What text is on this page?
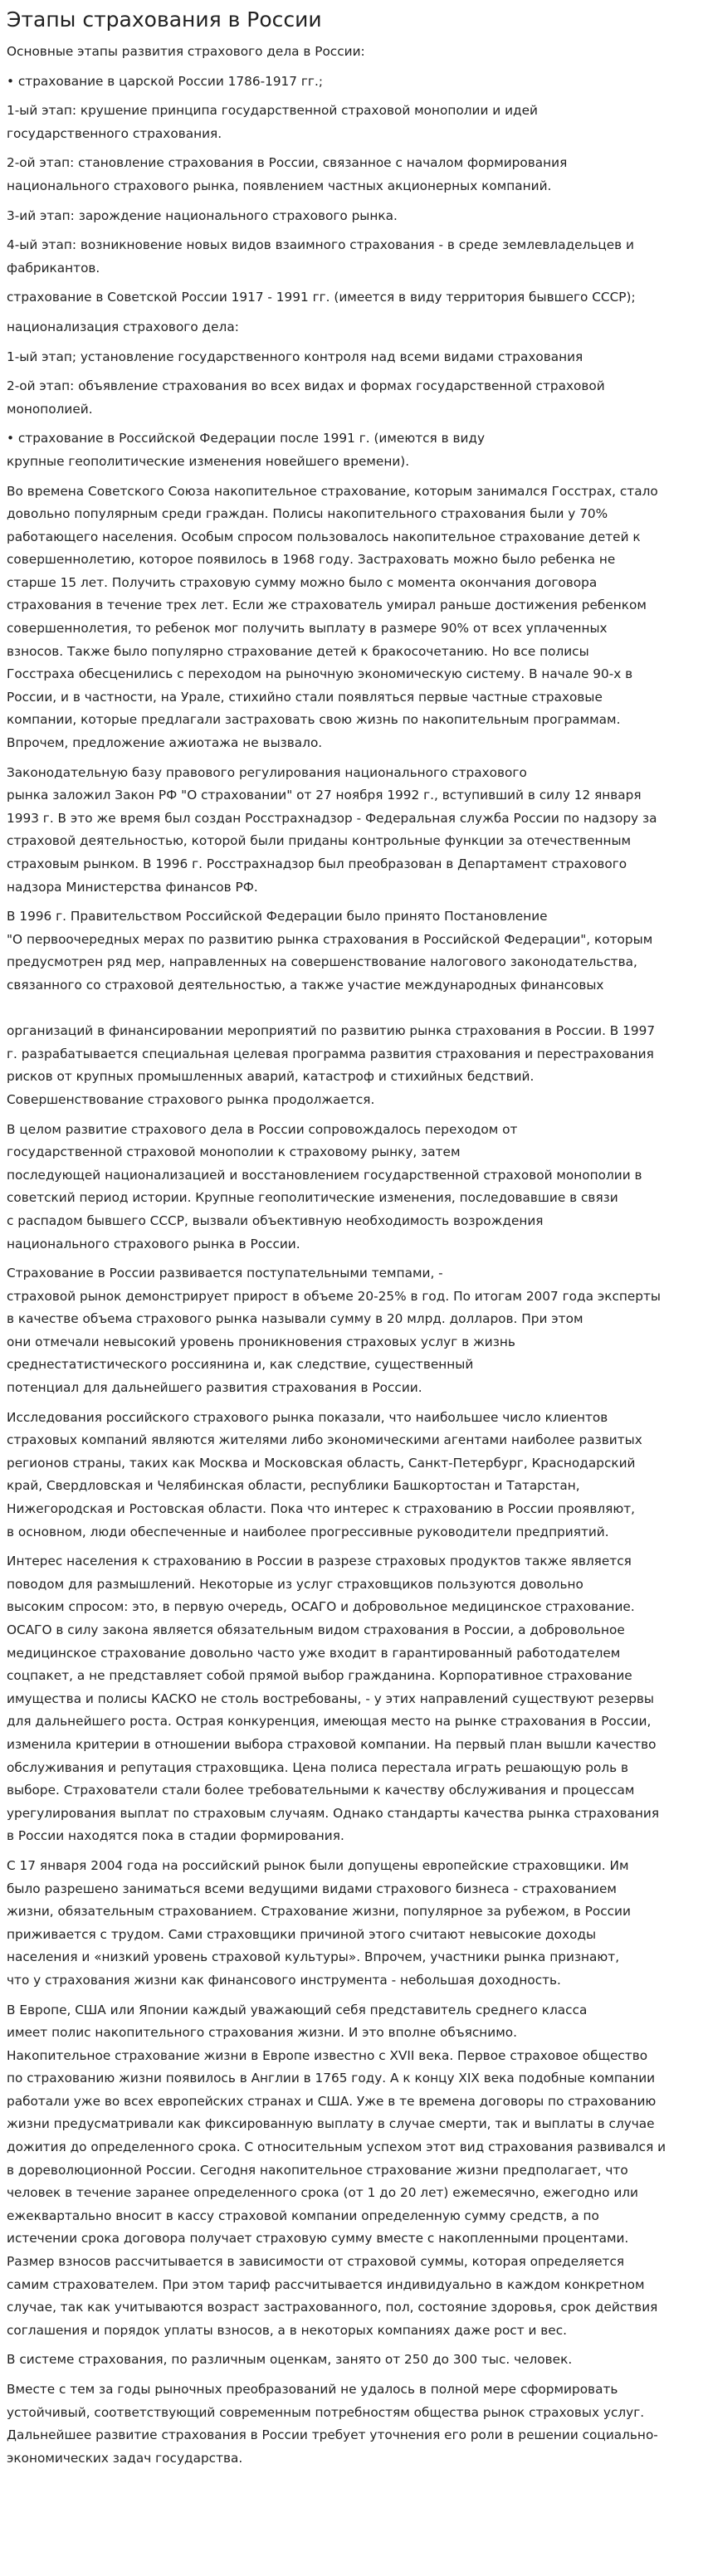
Этапы страхования в России

Основные этапы развития страхового дела в России:

• страхование в царской России 1786-1917 гг.;

1-ый этап: крушение принципа государственной страховой монополии и идей
государственного страхования.

2-ой этап: становление страхования в России, связанное с началом формирования
национального страхового рынка, появлением частных акционерных компаний.

3-ий этап: зарождение национального страхового рынка.

4-ый этап: возникновение новых видов взаимного страхования - в среде землевладельцев и
фабрикантов.

страхование в Советской России 1917 - 1991 гг. (имеется в виду территория бывшего СССР);

национализация страхового дела:

1-ый этап; установление государственного контроля над всеми видами страхования

2-ой этап: объявление страхования во всех видах и формах государственной страховой
монополией.

• страхование в Российской Федерации после 1991 г. (имеются в виду
крупные геополитические изменения новейшего времени).

Во времена Советского Союза накопительное страхование, которым занимался Госстрах, стало
довольно популярным среди граждан. Полисы накопительного страхования были у 70%
работающего населения. Особым спросом пользовалось накопительное страхование детей к
совершеннолетию, которое появилось в 1968 году. Застраховать можно было ребенка не
старше 15 лет. Получить страховую сумму можно было с момента окончания договора
страхования в течение трех лет. Если же страхователь умирал раньше достижения ребенком
совершеннолетия, то ребенок мог получить выплату в размере 90% от всех уплаченных
взносов. Также было популярно страхование детей к бракосочетанию. Но все полисы
Госстраха обесценились с переходом на рыночную экономическую систему. В начале 90-х в
России, и в частности, на Урале, стихийно стали появляться первые частные страховые
компании, которые предлагали застраховать свою жизнь по накопительным программам.
Впрочем, предложение ажиотажа не вызвало.

Законодательную базу правового регулирования национального страхового
рынка заложил Закон РФ "О страховании" от 27 ноября 1992 г., вступивший в силу 12 января
1993 г. В это же время был создан Росстрахнадзор - Федеральная служба России по надзору за
страховой деятельностью, которой были приданы контрольные функции за отечественным
страховым рынком. В 1996 г. Росстрахнадзор был преобразован в Департамент страхового
надзора Министерства финансов РФ.

В 1996 г. Правительством Российской Федерации было принято Постановление
"О первоочередных мерах по развитию рынка страхования в Российской Федерации", которым
предусмотрен ряд мер, направленных на совершенствование налогового законодательства,
связанного со страховой деятельностью, а также участие международных финансовых

организаций в финансировании мероприятий по развитию рынка страхования в России. В 1997
г. разрабатывается специальная целевая программа развития страхования и перестрахования
рисков от крупных промышленных аварий, катастроф и стихийных бедствий.
Совершенствование страхового рынка продолжается.

В целом развитие страхового дела в России сопровождалось переходом от
государственной страховой монополии к страховому рынку, затем
последующей национализацией и восстановлением государственной страховой монополии в
советский период истории. Крупные геополитические изменения, последовавшие в связи
с распадом бывшего СССР, вызвали объективную необходимость возрождения
национального страхового рынка в России.

Страхование в России развивается поступательными темпами, -
страховой рынок демонстрирует прирост в объеме 20-25% в год. По итогам 2007 года эксперты
в качестве объема страхового рынка называли сумму в 20 млрд. долларов. При этом
они отмечали невысокий уровень проникновения страховых услуг в жизнь
среднестатистического россиянина и, как следствие, существенный
потенциал для дальнейшего развития страхования в России.

Исследования российского страхового рынка показали, что наибольшее число клиентов
страховых компаний являются жителями либо экономическими агентами наиболее развитых
регионов страны, таких как Москва и Московская область, Санкт-Петербург, Краснодарский
край, Свердловская и Челябинская области, республики Башкортостан и Татарстан,
Нижегородская и Ростовская области. Пока что интерес к страхованию в России проявляют,
в основном, люди обеспеченные и наиболее прогрессивные руководители предприятий.

Интерес населения к страхованию в России в разрезе страховых продуктов также является
поводом для размышлений. Некоторые из услуг страховщиков пользуются довольно
высоким спросом: это, в первую очередь, ОСАГО и добровольное медицинское страхование.
ОСАГО в силу закона является обязательным видом страхования в России, а добровольное
медицинское страхование довольно часто уже входит в гарантированный работодателем
соцпакет, а не представляет собой прямой выбор гражданина. Корпоративное страхование
имущества и полисы КАСКО не столь востребованы, - у этих направлений существуют резервы
для дальнейшего роста. Острая конкуренция, имеющая место на рынке страхования в России,
изменила критерии в отношении выбора страховой компании. На первый план вышли качество
обслуживания и репутация страховщика. Цена полиса перестала играть решающую роль в
выборе. Страхователи стали более требовательными к качеству обслуживания и процессам
урегулирования выплат по страховым случаям. Однако стандарты качества рынка страхования
в России находятся пока в стадии формирования.

С 17 января 2004 года на российский рынок были допущены европейские страховщики. Им
было разрешено заниматься всеми ведущими видами страхового бизнеса - страхованием
жизни, обязательным страхованием. Страхование жизни, популярное за рубежом, в России
приживается с трудом. Сами страховщики причиной этого считают невысокие доходы
населения и «низкий уровень страховой культуры». Впрочем, участники рынка признают,
что у страхования жизни как финансового инструмента - небольшая доходность.

В Европе, США или Японии каждый уважающий себя представитель среднего класса
имеет полис накопительного страхования жизни. И это вполне объяснимо.
Накопительное страхование жизни в Европе известно с XVII века. Первое страховое общество
по страхованию жизни появилось в Англии в 1765 году. А к концу XIX века подобные компании
работали уже во всех европейских странах и США. Уже в те времена договоры по страхованию
жизни предусматривали как фиксированную выплату в случае смерти, так и выплаты в случае
дожития до определенного срока. С относительным успехом этот вид страхования развивался и
в дореволюционной России. Сегодня накопительное страхование жизни предполагает, что
человек в течение заранее определенного срока (от 1 до 20 лет) ежемесячно, ежегодно или
ежеквартально вносит в кассу страховой компании определенную сумму средств, а по
истечении срока договора получает страховую сумму вместе с накопленными процентами.
Размер взносов рассчитывается в зависимости от страховой суммы, которая определяется
самим страхователем. При этом тариф рассчитывается индивидуально в каждом конкретном
случае, так как учитываются возраст застрахованного, пол, состояние здоровья, срок действия
соглашения и порядок уплаты взносов, а в некоторых компаниях даже рост и вес.

В системе страхования, по различным оценкам, занято от 250 до 300 тыс. человек.

Вместе с тем за годы рыночных преобразований не удалось в полной мере сформировать
устойчивый, соответствующий современным потребностям общества рынок страховых услуг.
Дальнейшее развитие страхования в России требует уточнения его роли в решении социально-
экономических задач государства.
